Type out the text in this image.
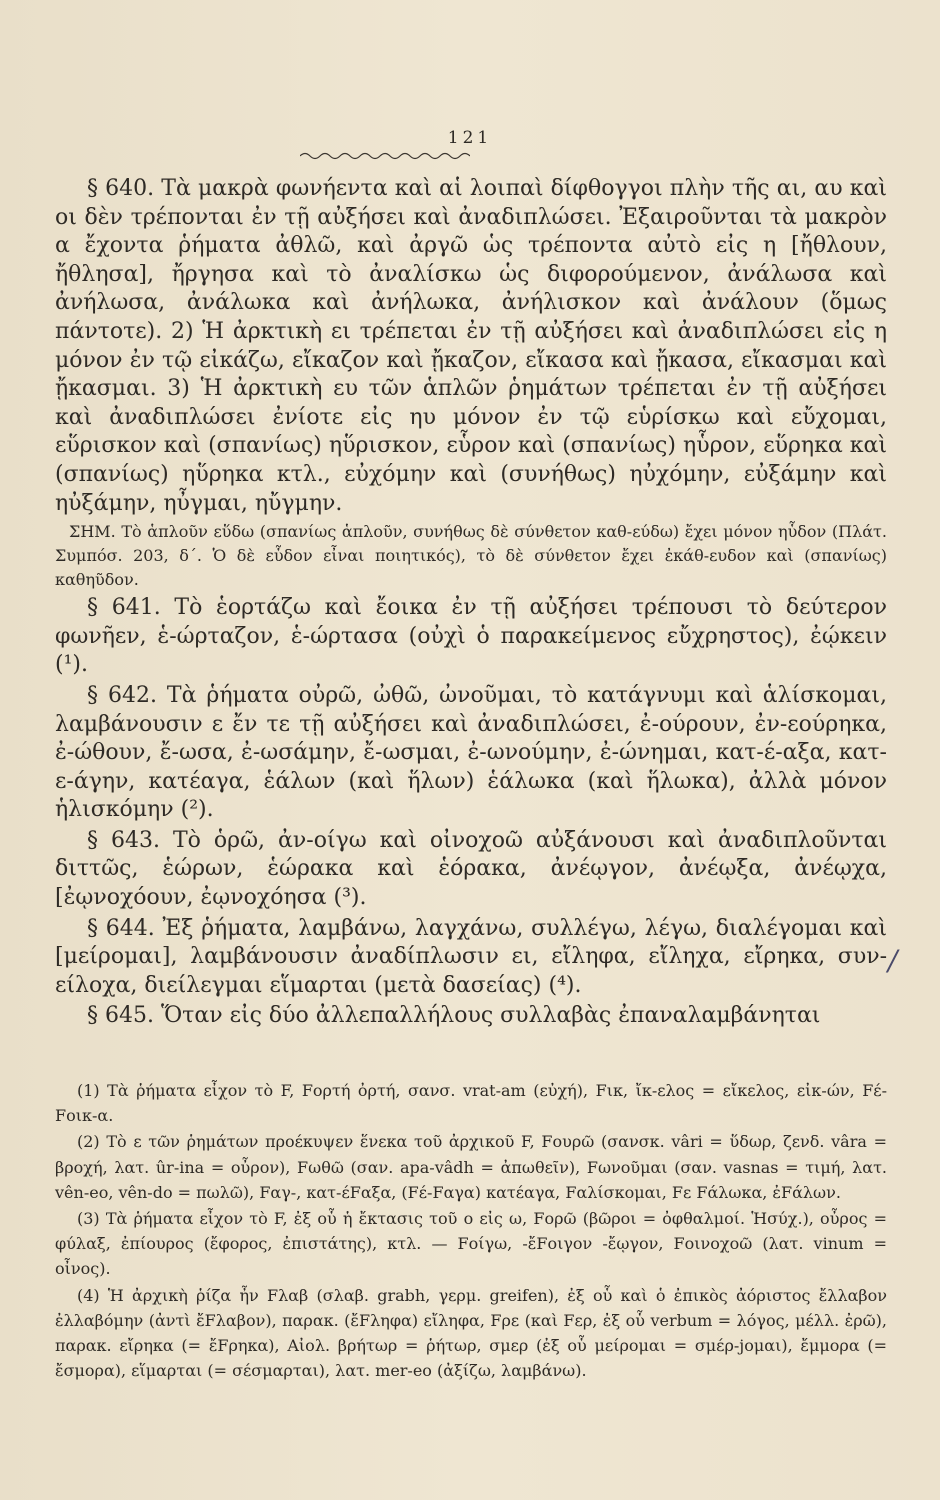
121

§ 640. Τὰ μακρὰ φωνήεντα καὶ αἱ λοιπαὶ δίφθογγοι πλὴν τῆς αι, αυ καὶ οι δὲν τρέπονται ἐν τῇ αὐξήσει καὶ ἀναδιπλώσει. Ἐξαιροῦνται τὰ μακρὸν α ἔχοντα ῥήματα ἀθλῶ, καὶ ἀργῶ ὡς τρέποντα αὐτὸ εἰς η [ἤθλουν, ἤθλησα], ἤργησα καὶ τὸ ἀναλίσκω ὡς διφορούμενον, ἀνάλωσα καὶ ἀνήλωσα, ἀνάλωκα καὶ ἀνήλωκα, ἀνήλισκον καὶ ἀνάλουν (ὅμως πάντοτε). 2) Ἡ ἀρκτικὴ ει τρέπεται ἐν τῇ αὐξήσει καὶ ἀναδιπλώσει εἰς η μόνον ἐν τῷ εἰκάζω, εἴκαζον καὶ ᾔκαζον, εἴκασα καὶ ᾔκασα, εἴκασμαι καὶ ᾔκασμαι. 3) Ἡ ἀρκτικὴ ευ τῶν ἁπλῶν ῥημάτων τρέπεται ἐν τῇ αὐξήσει καὶ ἀναδιπλώσει ἐνίοτε εἰς ηυ μόνον ἐν τῷ εὑρίσκω καὶ εὔχομαι, εὕρισκον καὶ (σπανίως) ηὕρισκον, εὗρον καὶ (σπανίως) ηὗρον, εὕρηκα καὶ (σπανίως) ηὕρηκα κτλ., εὐχόμην καὶ (συνήθως) ηὐχόμην, εὐξάμην καὶ ηὐξάμην, ηὖγμαι, ηὔγμην.

ΣΗΜ. Τὸ ἁπλοῦν εὕδω (σπανίως ἁπλοῦν, συνήθως δὲ σύνθετον καθ-εύδω) ἔχει μόνον ηὗδον (Πλάτ. Συμπόσ. 203, δ΄. Ὁ δὲ εὗδον εἶναι ποιητικός), τὸ δὲ σύνθετον ἔχει ἐκάθ-ευδον καὶ (σπανίως) καθηῦδον.

§ 641. Τὸ ἑορτάζω καὶ ἔοικα ἐν τῇ αὐξήσει τρέπουσι τὸ δεύτερον φωνῆεν, ἑ-ώρταζον, ἑ-ώρτασα (οὐχὶ ὁ παρακείμενος εὔχρηστος), ἐῴκειν (¹).

§ 642. Τὰ ῥήματα οὐρῶ, ὠθῶ, ὠνοῦμαι, τὸ κατάγνυμι καὶ ἁλίσκομαι, λαμβάνουσιν ε ἔν τε τῇ αὐξήσει καὶ ἀναδιπλώσει, ἐ-ούρουν, ἐν-εούρηκα, ἐ-ώθουν, ἔ-ωσα, ἐ-ωσάμην, ἔ-ωσμαι, ἐ-ωνούμην, ἐ-ώνημαι, κατ-έ-αξα, κατ-ε-άγην, κατέαγα, ἑάλων (καὶ ἥλων) ἑάλωκα (καὶ ἥλωκα), ἀλλὰ μόνον ἡλισκόμην (²).

§ 643. Τὸ ὁρῶ, ἀν-οίγω καὶ οἰνοχοῶ αὐξάνουσι καὶ ἀναδιπλοῦνται διττῶς, ἑώρων, ἑώρακα καὶ ἑόρακα, ἀνέῳγον, ἀνέῳξα, ἀνέῳχα, [ἐῳνοχόουν, ἐῳνοχόησα (³).

§ 644. Ἐξ ῥήματα, λαμβάνω, λαγχάνω, συλλέγω, λέγω, διαλέγομαι καὶ [μείρομαι], λαμβάνουσιν ἀναδίπλωσιν ει, εἴληφα, εἴληχα, εἴρηκα, συν-είλοχα, διείλεγμαι εἵμαρται (μετὰ δασείας) (⁴).

§ 645. Ὅταν εἰς δύο ἀλλεπαλλήλους συλλαβὰς ἐπαναλαμβάνηται

/

(1) Τὰ ῥήματα εἶχον τὸ F, Fορτή ὀρτή, σανσ. vrat-am (εὐχή), Fικ, ἴκ-ελος = εἴκελος, εἰκ-ών, Fέ-Fοικ-α.

(2) Τὸ ε τῶν ῥημάτων προέκυψεν ἕνεκα τοῦ ἀρχικοῦ F, Fουρῶ (σανσκ. vâri = ὕδωρ, ζενδ. vâra = βροχή, λατ. ûr-ina = οὖρον), Fωθῶ (σαν. apa-vâdh = ἀπωθεῖν), Fωνοῦμαι (σαν. vasnas = τιμή, λατ. vên-eo, vên-do = πωλῶ), Fαγ-, κατ-έFαξα, (Fέ-Fαγα) κατέαγα, Fαλίσκομαι, Fε Fάλωκα, ἐFάλων.

(3) Τὰ ῥήματα εἶχον τὸ F, ἐξ οὗ ἡ ἔκτασις τοῦ ο εἰς ω, Fορῶ (βῶροι = ὀφθαλμοί. Ἡσύχ.), οὖρος = φύλαξ, ἐπίουρος (ἔφορος, ἐπιστάτης), κτλ. — Fοίγω, -ἔFοιγον -ἔῳγον, Fοινοχοῶ (λατ. vinum = οἶνος).

(4) Ἡ ἀρχικὴ ῥίζα ἦν Fλαβ (σλαβ. grabh, γερμ. greifen), ἐξ οὗ καὶ ὁ ἐπικὸς ἀόριστος ἔλλαβον ἐλλαβόμην (ἀντὶ ἔFλαβον), παρακ. (ἔFληφα) εἴληφα, Fρε (καὶ Fερ, ἐξ οὗ verbum = λόγος, μέλλ. ἐρῶ), παρακ. εἴρηκα (= ἔFρηκα), Αἰολ. βρήτωρ = ῥήτωρ, σμερ (ἐξ οὗ μείρομαι = σμέρ-jομαι), ἔμμορα (= ἔσμορα), εἵμαρται (= σέσμαρται), λατ. mer-eo (ἀξίζω, λαμβάνω).
